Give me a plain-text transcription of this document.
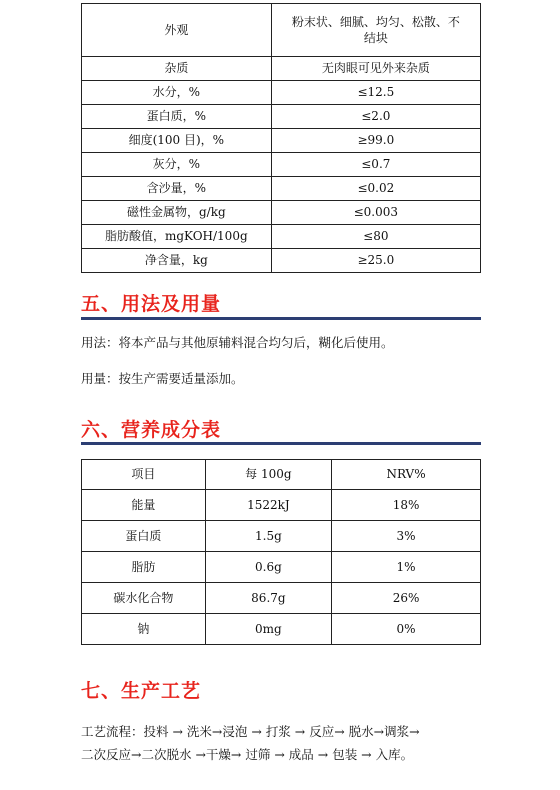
外观	粉末状、细腻、均匀、松散、不
结块

杂质	无肉眼可见外来杂质
水分，%	≤12.5
蛋白质，%	≤2.0
细度(100 目)，%	≥99.0
灰分，%	≤0.7
含沙量，%	≤0.02
磁性金属物，g/kg	≤0.003
脂肪酸值，mgKOH/100g	≤80
净含量，kg	≥25.0
五、用法及用量

用法：将本产品与其他原辅料混合均匀后，糊化后使用。

用量：按生产需要适量添加。

六、营养成分表
项目	每 100g	NRV%
能量	1522kJ	18%
蛋白质	1.5g	3%
脂肪	0.6g	1%
碳水化合物	86.7g	26%
钠	0mg	0%
七、生产工艺

工艺流程：投料 → 洗米→浸泡 → 打浆 → 反应→ 脱水→调浆→

二次反应→二次脱水 →干燥→ 过筛 → 成品 → 包装 → 入库。
